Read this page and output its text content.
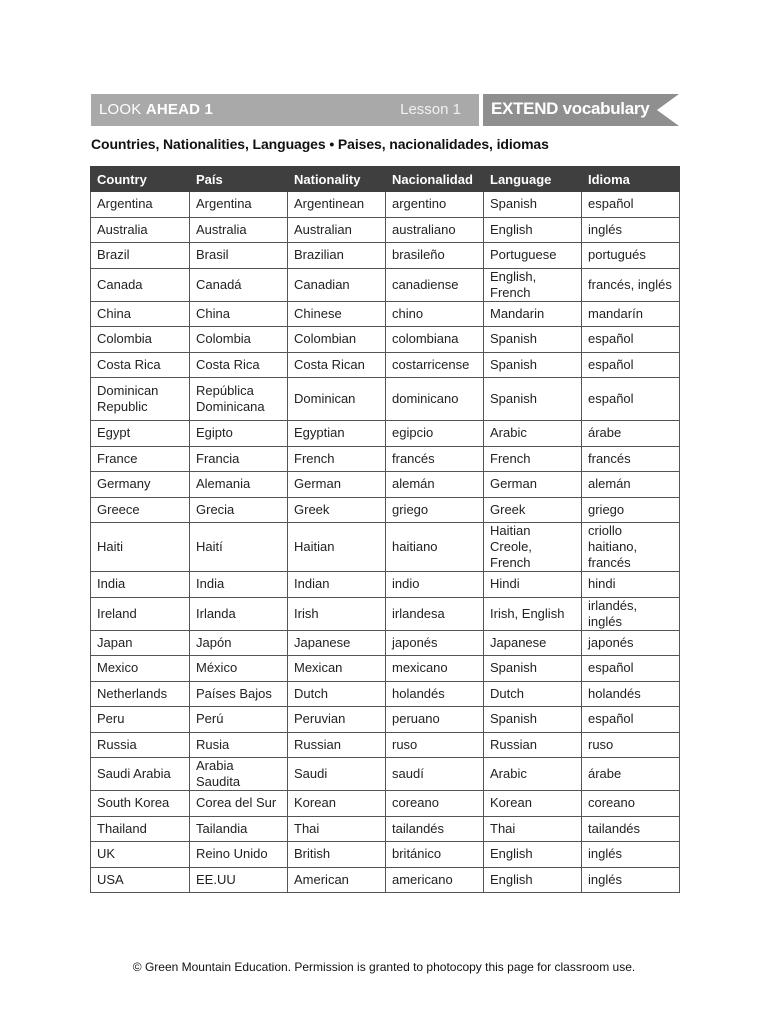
LOOK AHEAD 1	Lesson 1 EXTEND vocabulary
Countries, Nationalities, Languages • Paises, nacionalidades, idiomas
Country	País	Nationality	Nacionalidad	Language	Idioma
Argentina	Argentina	Argentinean	argentino	Spanish	español
Australia	Australia	Australian	australiano	English	inglés
Brazil	Brasil	Brazilian	brasileño	Portuguese	portugués
Canada	Canadá	Canadian	canadiense	English, French	francés, inglés
China	China	Chinese	chino	Mandarin	mandarín
Colombia	Colombia	Colombian	colombiana	Spanish	español
Costa Rica	Costa Rica	Costa Rican	costarricense	Spanish	español
Dominican Republic	República Dominicana	Dominican	dominicano	Spanish	español
Egypt	Egipto	Egyptian	egipcio	Arabic	árabe
France	Francia	French	francés	French	francés
Germany	Alemania	German	alemán	German	alemán
Greece	Grecia	Greek	griego	Greek	griego
Haiti	Haití	Haitian	haitiano	Haitian Creole, French	criollo haitiano, francés
India	India	Indian	indio	Hindi	hindi
Ireland	Irlanda	Irish	irlandesa	Irish, English	irlandés, inglés
Japan	Japón	Japanese	japonés	Japanese	japonés
Mexico	México	Mexican	mexicano	Spanish	español
Netherlands	Países Bajos	Dutch	holandés	Dutch	holandés
Peru	Perú	Peruvian	peruano	Spanish	español
Russia	Rusia	Russian	ruso	Russian	ruso
Saudi Arabia	Arabia Saudita	Saudi	saudí	Arabic	árabe
South Korea	Corea del Sur	Korean	coreano	Korean	coreano
Thailand	Tailandia	Thai	tailandés	Thai	tailandés
UK	Reino Unido	British	británico	English	inglés
USA	EE.UU	American	americano	English	inglés
© Green Mountain Education. Permission is granted to photocopy this page for classroom use.
